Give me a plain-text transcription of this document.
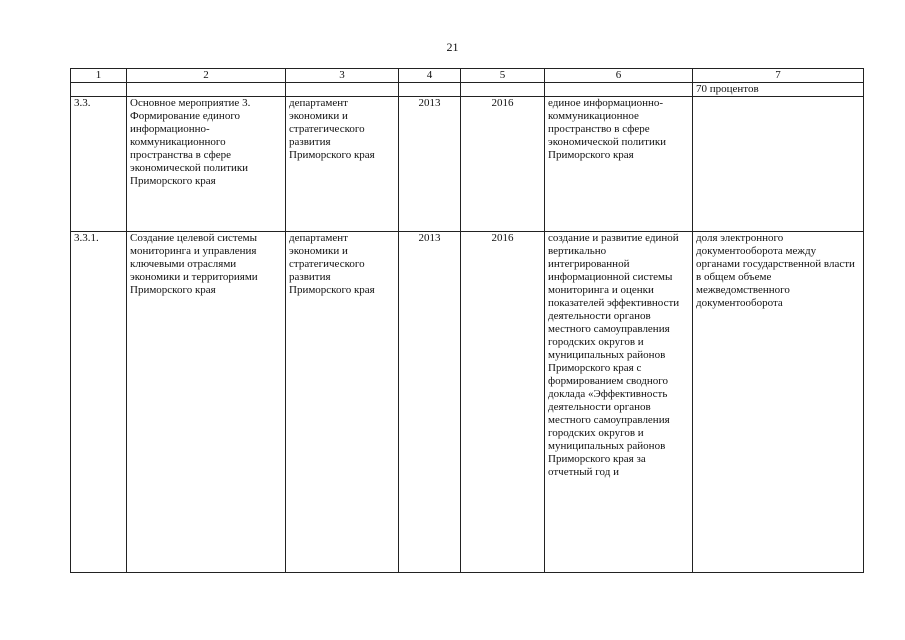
21
1	2	3	4	5	6	7
						70 процентов
3.3.	Основное мероприятие 3. Формирование единого информационно-коммуникационного пространства в сфере экономической политики Приморского края	департамент экономики и стратегического развития Приморского края	2013	2016	единое информационно-коммуникационное пространство в сфере экономической политики Приморского края	
3.3.1.	Создание целевой системы мониторинга и управления ключевыми отраслями экономики и территориями Приморского края	департамент экономики и стратегического развития Приморского края	2013	2016	создание и развитие единой вертикально интегрированной информационной системы мониторинга и оценки показателей эффективности деятельности органов местного самоуправления городских округов и муниципальных районов Приморского края с формированием сводного доклада «Эффективность деятельности органов местного самоуправления городских округов и муниципальных районов Приморского края за отчетный год и	доля электронного документооборота между органами государственной власти в общем объеме межведомственного документооборота
